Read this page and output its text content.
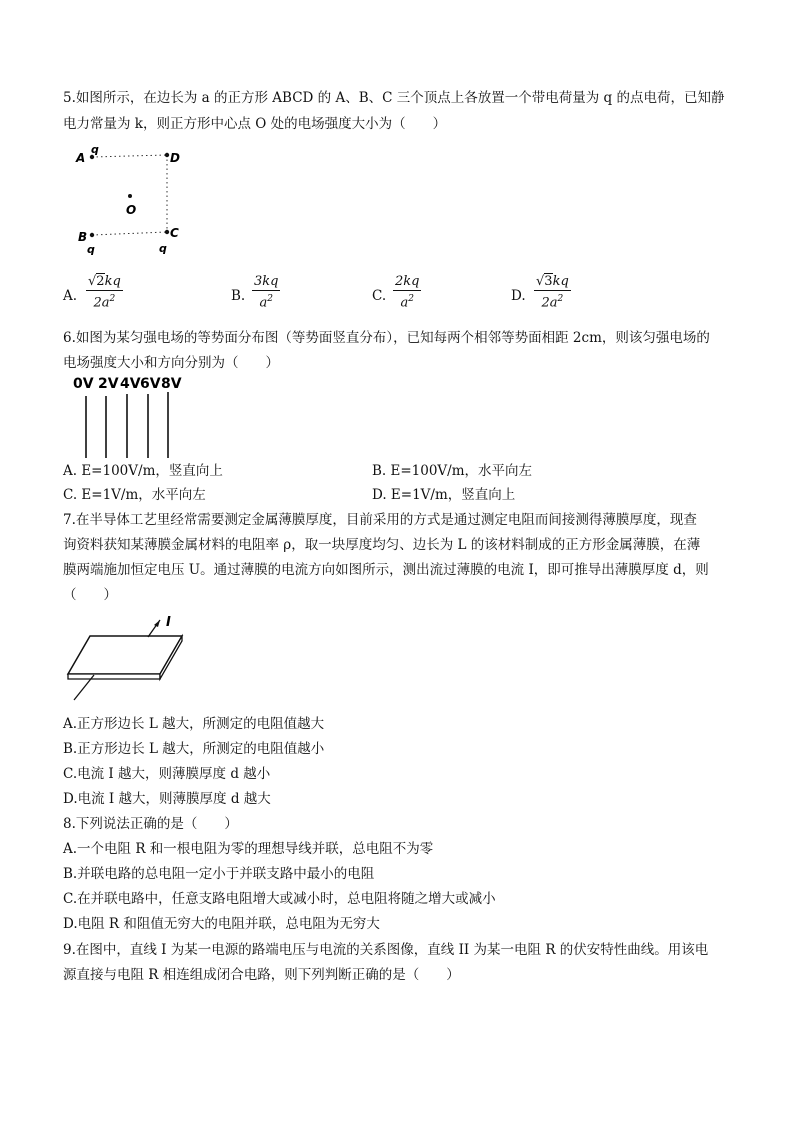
5.如图所示，在边长为 a 的正方形 ABCD 的 A、B、C 三个顶点上各放置一个带电荷量为 q 的点电荷，已知静
电力常量为 k，则正方形中心点 O 处的电场强度大小为（　　）
A
q
D
O
B	C
q	q
A. $\frac{√2kq}{2a^2}$	B. $\frac{3kq}{a^2}$	C. $\frac{2kq}{a^2}$	D. $\frac{√3kq}{2a^2}$
6.如图为某匀强电场的等势面分布图（等势面竖直分布），已知每两个相邻等势面相距 2cm，则该匀强电场的
电场强度大小和方向分别为（　　）
0V 2V 4V 6V 8V
A. E=100V/m，竖直向上	B. E=100V/m，水平向左
C. E=1V/m，水平向左	D. E=1V/m，竖直向上
7.在半导体工艺里经常需要测定金属薄膜厚度，目前采用的方式是通过测定电阻而间接测得薄膜厚度，现查
询资料获知某薄膜金属材料的电阻率 ρ，取一块厚度均匀、边长为 L 的该材料制成的正方形金属薄膜，在薄
膜两端施加恒定电压 U。通过薄膜的电流方向如图所示，测出流过薄膜的电流 I，即可推导出薄膜厚度 d，则
（　　）
I
A.正方形边长 L 越大，所测定的电阻值越大
B.正方形边长 L 越大，所测定的电阻值越小
C.电流 I 越大，则薄膜厚度 d 越小
D.电流 I 越大，则薄膜厚度 d 越大
8.下列说法正确的是（　　）
A.一个电阻 R 和一根电阻为零的理想导线并联，总电阻不为零
B.并联电路的总电阻一定小于并联支路中最小的电阻
C.在并联电路中，任意支路电阻增大或减小时，总电阻将随之增大或减小
D.电阻 R 和阻值无穷大的电阻并联，总电阻为无穷大
9.在图中，直线 I 为某一电源的路端电压与电流的关系图像，直线 II 为某一电阻 R 的伏安特性曲线。用该电
源直接与电阻 R 相连组成闭合电路，则下列判断正确的是（　　）
